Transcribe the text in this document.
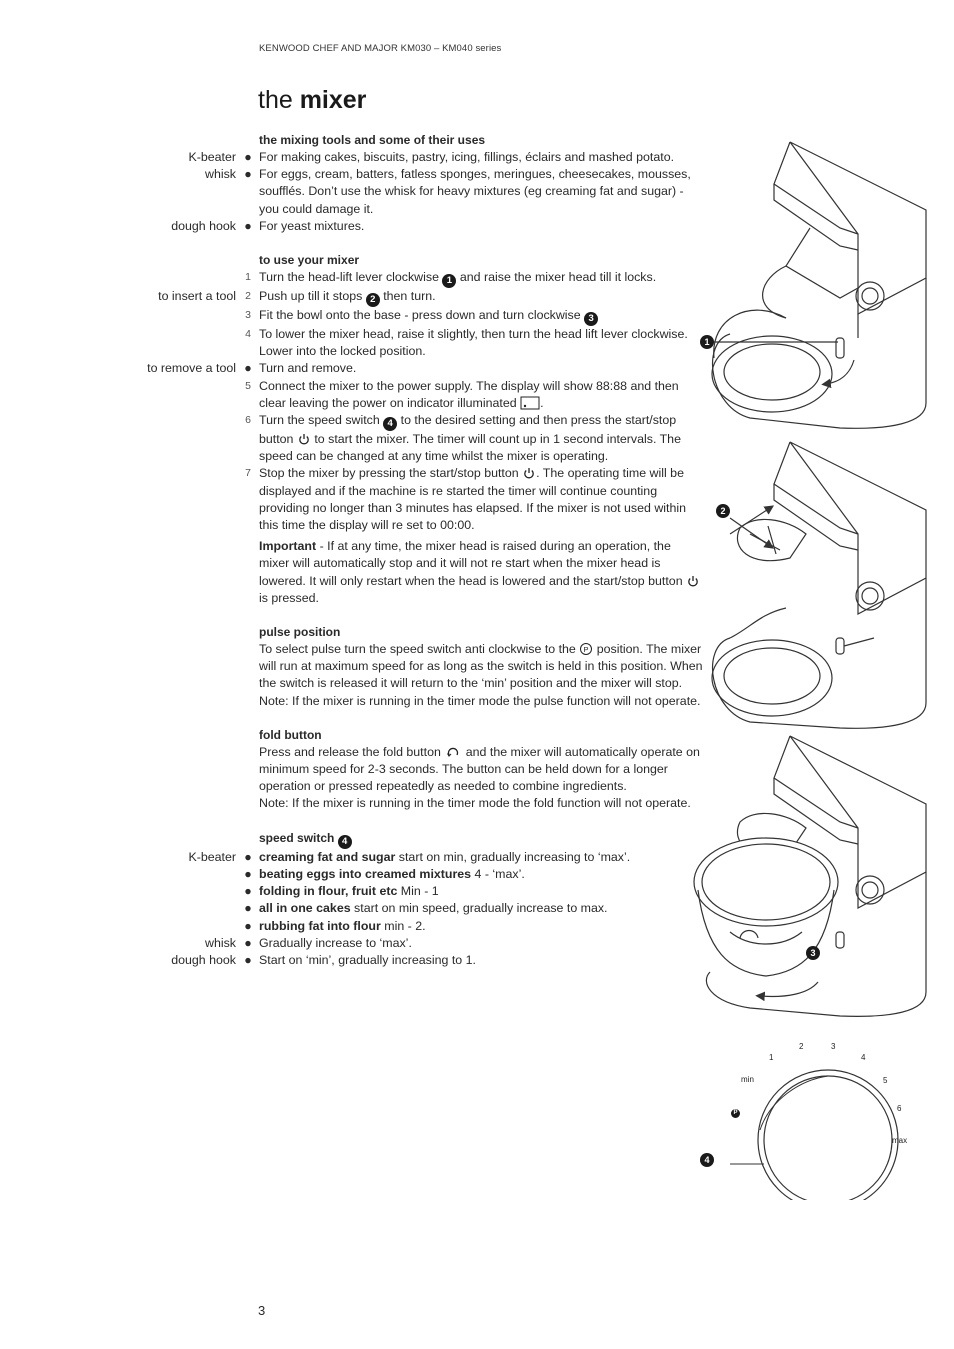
KENWOOD CHEF AND MAJOR KM030 – KM040 series
the mixer
the mixing tools and some of their uses
K-beater ● For making cakes, biscuits, pastry, icing, fillings, éclairs and mashed potato.
whisk ● For eggs, cream, batters, fatless sponges, meringues, cheesecakes, mousses, soufflés. Don’t use the whisk for heavy mixtures (eg creaming fat and sugar) - you could damage it.
dough hook ● For yeast mixtures.
to use your mixer
1 Turn the head-lift lever clockwise 1 and raise the mixer head till it locks.
to insert a tool 2 Push up till it stops 2 then turn.
3 Fit the bowl onto the base - press down and turn clockwise 3
4 To lower the mixer head, raise it slightly, then turn the head lift lever clockwise. Lower into the locked position.
to remove a tool ● Turn and remove.
5 Connect the mixer to the power supply. The display will show 88:88 and then clear leaving the power on indicator illuminated .
6 Turn the speed switch 4 to the desired setting and then press the start/stop button  to start the mixer. The timer will count up in 1 second intervals. The speed can be changed at any time whilst the mixer is operating.
7 Stop the mixer by pressing the start/stop button . The operating time will be displayed and if the machine is re started the timer will continue counting providing no longer than 3 minutes has elapsed. If the mixer is not used within this time the display will re set to 00:00.
Important - If at any time, the mixer head is raised during an operation, the mixer will automatically stop and it will not re start when the mixer head is lowered. It will only restart when the head is lowered and the start/stop button  is pressed.
pulse position
To select pulse turn the speed switch anti clockwise to the P position. The mixer will run at maximum speed for as long as the switch is held in this position. When the switch is released it will return to the ‘min’ position and the mixer will stop.
Note: If the mixer is running in the timer mode the pulse function will not operate.
fold button
Press and release the fold button  and the mixer will automatically operate on minimum speed for 2-3 seconds. The button can be held down for a longer operation or pressed repeatedly as needed to combine ingredients.
Note: If the mixer is running in the timer mode the fold function will not operate.
speed switch 4
K-beater ● creaming fat and sugar start on min, gradually increasing to ‘max’.
● beating eggs into creamed mixtures 4 - ‘max’.
● folding in flour, fruit etc Min - 1
● all in one cakes start on min speed, gradually increase to max.
● rubbing fat into flour min - 2.
whisk ● Gradually increase to ‘max’.
dough hook ● Start on ‘min’, gradually increasing to 1.
1
2
3
min
1
2	3
4
5
6
max
P
4
3
